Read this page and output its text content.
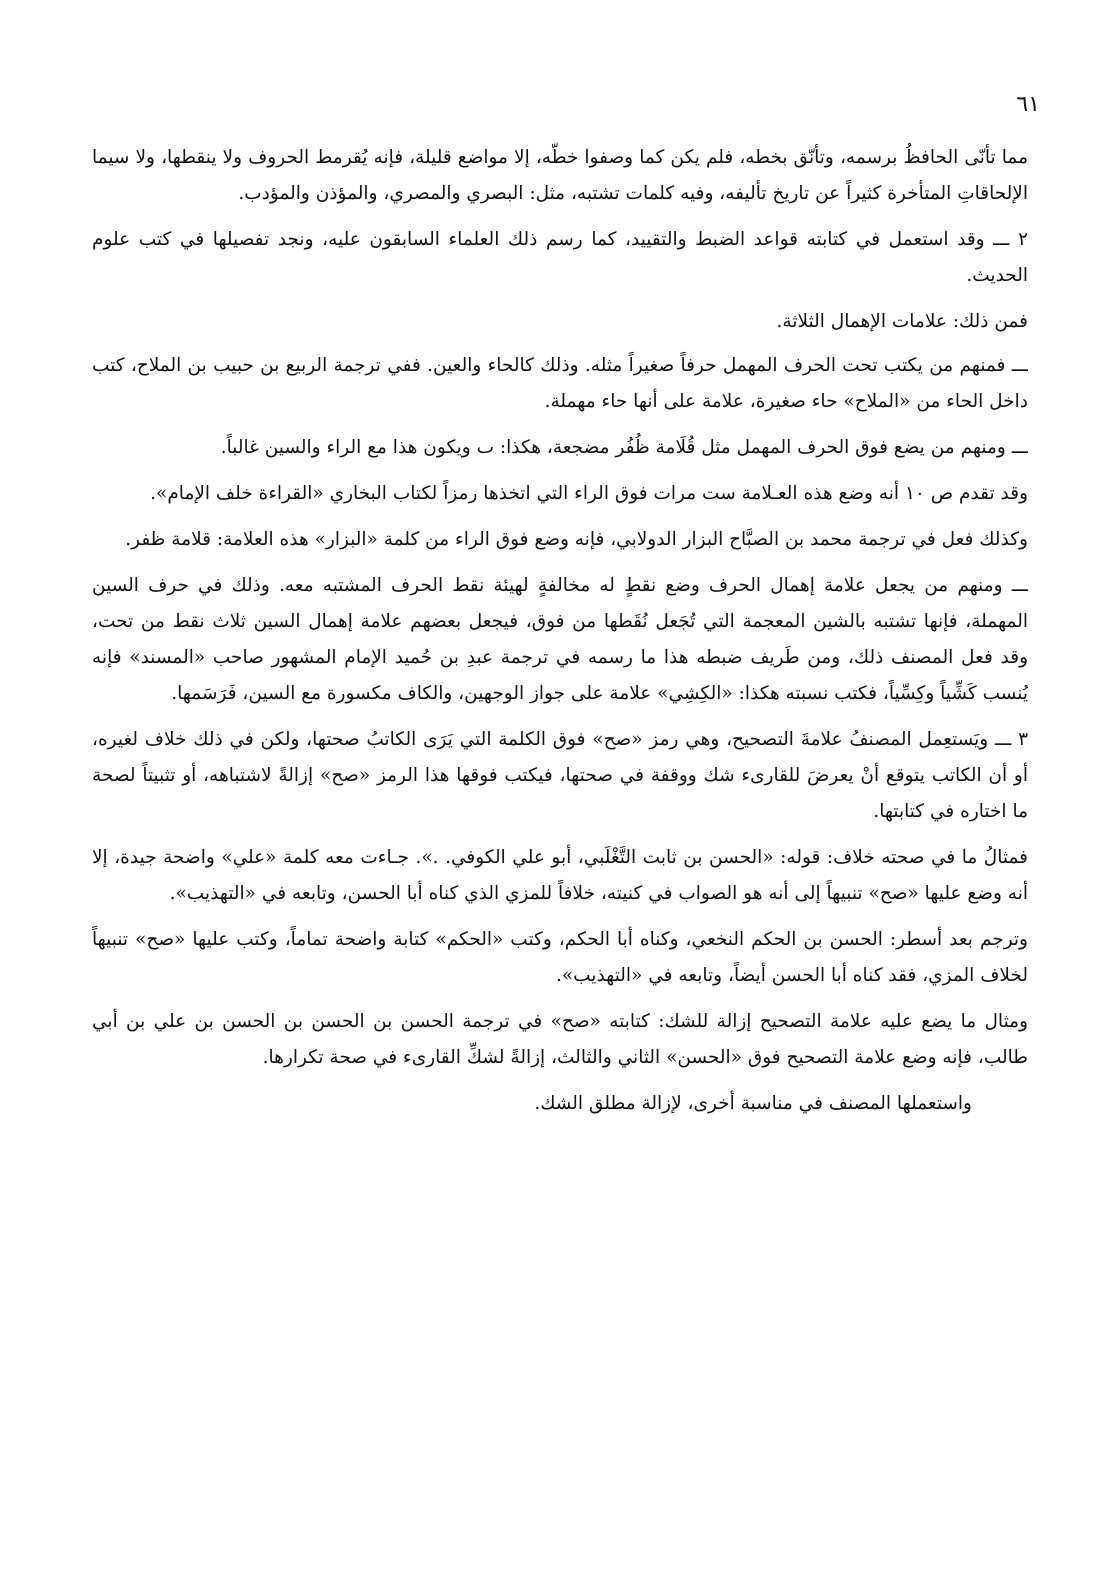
٦١

مما تأنّى الحافظُ برسمه، وتأنّق بخطه، فلم يكن كما وصفوا خطّه، إلا مواضع قليلة، فإنه يُقرمط الحروف ولا ينقطها، ولا سيما الإلحاقاتِ المتأخرة كثيراً عن تاريخ تأليفه، وفيه كلمات تشتبه، مثل: البصري والمصري، والمؤذن والمؤدب.

٢ ـــ وقد استعمل في كتابته قواعد الضبط والتقييد، كما رسم ذلك العلماء السابقون عليه، ونجد تفصيلها في كتب علوم الحديث.

فمن ذلك: علامات الإهمال الثلاثة.

ـــ فمنهم من يكتب تحت الحرف المهمل حرفاً صغيراً مثله. وذلك كالحاء والعين. ففي ترجمة الربيع بن حبيب بن الملاح، كتب داخل الحاء من «الملاح» حاء صغيرة، علامة على أنها حاء مهملة.

ـــ ومنهم من يضع فوق الحرف المهمل مثل قُلَامة ظُفُر مضجعة، هكذا: ٮ ويكون هذا مع الراء والسين غالباً.

وقد تقدم ص ١٠ أنه وضع هذه العـلامة ست مرات فوق الراء التي اتخذها رمزاً لكتاب البخاري «القراءة خلف الإمام».

وكذلك فعل في ترجمة محمد بن الصبَّاح البزار الدولابي، فإنه وضع فوق الراء من كلمة «البزار» هذه العلامة: قلامة ظفر.

ـــ ومنهم من يجعل علامة إهمال الحرف وضع نقطٍ له مخالفةٍ لهيئة نقط الحرف المشتبه معه. وذلك في حرف السين المهملة، فإنها تشتبه بالشين المعجمة التي تُجَعل نُقَطها من فوق، فيجعل بعضهم علامة إهمال السين ثلاث نقط من تحت، وقد فعل المصنف ذلك، ومن طَريف ضبطه هذا ما رسمه في ترجمة عبدِ بن حُميد الإمام المشهور صاحب «المسند» فإنه يُنسب كَشِّياً وكِسِّياً، فكتب نسبته هكذا: «الكِشِي» علامة على جواز الوجهين، والكاف مكسورة مع السين، فَرَسَمها.

٣ ـــ ويَستعِمل المصنفُ علامةَ التصحيح، وهي رمز «صح» فوق الكلمة التي يَرَى الكاتبُ صحتها، ولكن في ذلك خلاف لغيره، أو أن الكاتب يتوقع أنْ يعرضَ للقارىء شك ووقفة في صحتها، فيكتب فوقها هذا الرمز «صح» إزالةً لاشتباهه، أو تثبيتاً لصحة ما اختاره في كتابتها.

فمثالُ ما في صحته خلاف: قوله: «الحسن بن ثابت التَّغْلَبي، أبو علي الكوفي. .». جـاءت معه كلمة «علي» واضحة جيدة، إلا أنه وضع عليها «صح» تنبيهاً إلى أنه هو الصواب في كنيته، خلافاً للمزي الذي كناه أبا الحسن، وتابعه في «التهذيب».

وترجم بعد أسطر: الحسن بن الحكم النخعي، وكناه أبا الحكم، وكتب «الحكم» كتابة واضحة تماماً، وكتب عليها «صح» تنبيهاً لخلاف المزي، فقد كناه أبا الحسن أيضاً، وتابعه في «التهذيب».

ومثال ما يضع عليه علامة التصحيح إزالة للشك: كتابته «صح» في ترجمة الحسن بن الحسن بن الحسن بن علي بن أبي طالب، فإنه وضع علامة التصحيح فوق «الحسن» الثاني والثالث، إزالةً لشكِّ القارىء في صحة تكرارها.

واستعملها المصنف في مناسبة أخرى، لإزالة مطلق الشك.
